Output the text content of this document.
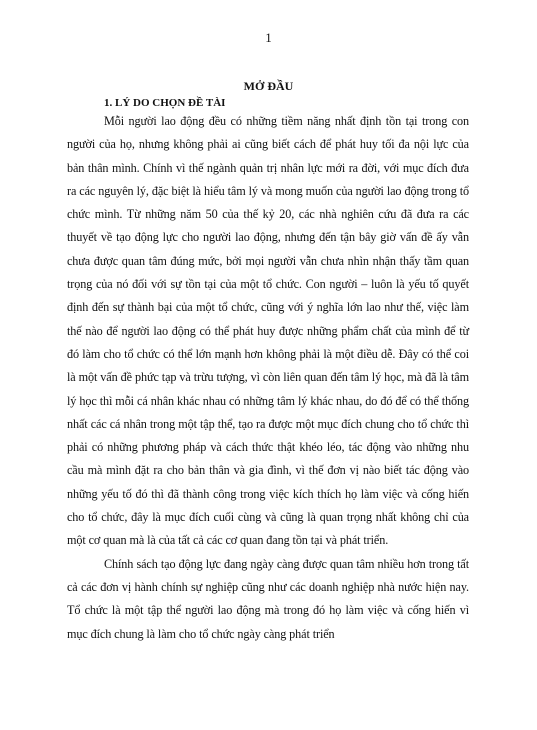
1
MỞ ĐẦU
1. LÝ DO CHỌN ĐỀ TÀI

Mỗi người lao động đều có những tiềm năng nhất định tồn tại trong con người của họ, nhưng không phải ai cũng biết cách để phát huy tối đa nội lực của bản thân mình. Chính vì thế ngành quản trị nhân lực mới ra đời, với mục đích đưa ra các nguyên lý, đặc biệt là hiểu tâm lý và mong muốn của người lao động trong tổ chức mình. Từ những năm 50 của thế kỷ 20, các nhà nghiên cứu đã đưa ra các thuyết về tạo động lực cho người lao động, nhưng đến tận bây giờ vấn đề ấy vẫn chưa được quan tâm đúng mức, bởi mọi người vẫn chưa nhìn nhận thấy tầm quan trọng của nó đối với sự tồn tại của một tổ chức. Con người – luôn là yếu tố quyết định đến sự thành bại của một tổ chức, cũng với ý nghĩa lớn lao như thế, việc làm thế nào để người lao động có thể phát huy được những phẩm chất của mình để từ đó làm cho tổ chức có thể lớn mạnh hơn không phải là một điều dễ. Đây có thể coi là một vấn đề phức tạp và trừu tượng, vì còn liên quan đến tâm lý học, mà đã là tâm lý học thì mỗi cá nhân khác nhau có những tâm lý khác nhau, do đó để có thể thống nhất các cá nhân trong một tập thể, tạo ra được một mục đích chung cho tổ chức thì phải có những phương pháp và cách thức thật khéo léo, tác động vào những nhu cầu mà mình đặt ra cho bản thân và gia đình, vì thế đơn vị nào biết tác động vào những yếu tố đó thì đã thành công trong việc kích thích họ làm việc và cống hiến cho tổ chức, đây là mục đích cuối cùng và cũng là quan trọng nhất không chỉ của một cơ quan mà là của tất cả các cơ quan đang tồn tại và phát triển.

Chính sách tạo động lực đang ngày càng được quan tâm nhiều hơn trong tất cả các đơn vị hành chính sự nghiệp cũng như các doanh nghiệp nhà nước hiện nay. Tổ chức là một tập thể người lao động mà trong đó họ làm việc và cống hiến vì mục đích chung là làm cho tổ chức ngày càng phát triển
